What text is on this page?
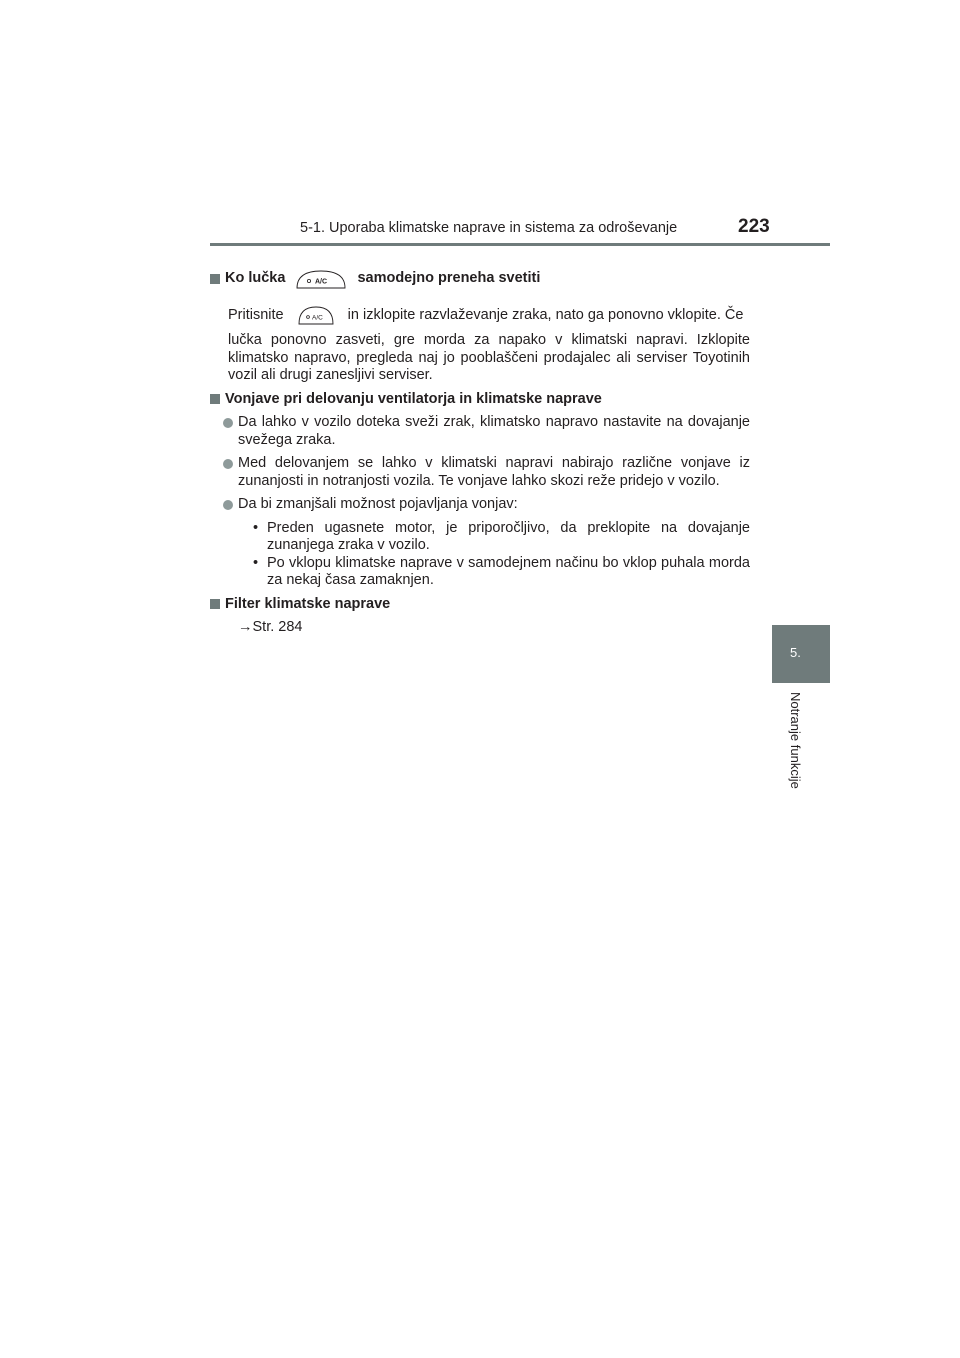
5-1. Uporaba klimatske naprave in sistema za odroševanje	223
5.
Notranje funkcije
Ko lučka	A/C samodejno preneha svetiti
Pritisnite	A/C in izklopite razvlaževanje zraka, nato ga ponovno vklopite. Če
lučka ponovno zasveti, gre morda za napako v klimatski napravi. Izklopite klimatsko napravo, pregleda naj jo pooblaščeni prodajalec ali serviser Toyotinih vozil ali drugi zanesljivi serviser.
Vonjave pri delovanju ventilatorja in klimatske naprave
Da lahko v vozilo doteka sveži zrak, klimatsko napravo nastavite na dovajanje svežega zraka.
Med delovanjem se lahko v klimatski napravi nabirajo različne vonjave iz zunanjosti in notranjosti vozila. Te vonjave lahko skozi reže pridejo v vozilo.
Da bi zmanjšali možnost pojavljanja vonjav:
• Preden ugasnete motor, je priporočljivo, da preklopite na dovajanje zunanjega zraka v vozilo.
• Po vklopu klimatske naprave v samodejnem načinu bo vklop puhala morda za nekaj časa zamaknjen.
Filter klimatske naprave
→Str. 284
